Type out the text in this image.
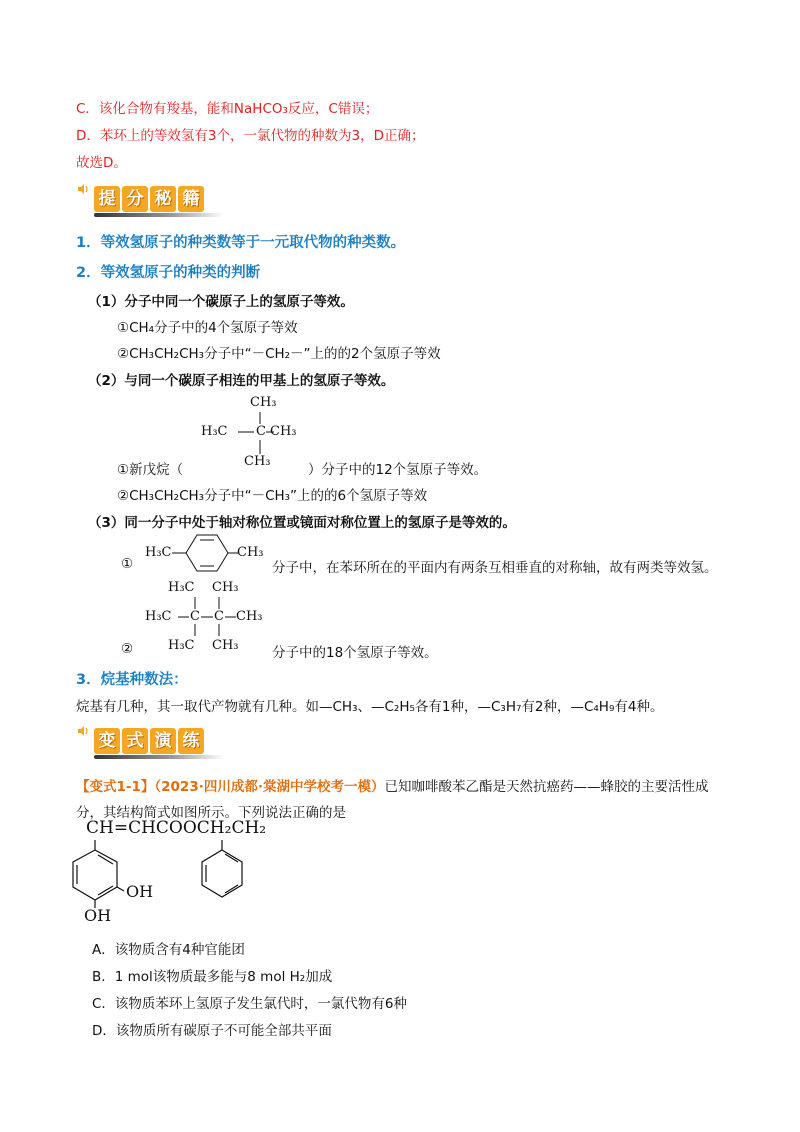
C．该化合物有羧基，能和NaHCO₃反应，C错误；
D．苯环上的等效氢有3个，一氯代物的种数为3，D正确；
故选D。
提 分 秘 籍
1．等效氢原子的种类数等于一元取代物的种类数。
2．等效氢原子的种类的判断
（1）分子中同一个碳原子上的氢原子等效。
①CH₄分子中的4个氢原子等效
②CH₃CH₂CH₃分子中“－CH₂－”上的的2个氢原子等效
（2）与同一个碳原子相连的甲基上的氢原子等效。
CH₃
H₃C C CH₃
CH₃
①新戊烷（	）分子中的12个氢原子等效。
②CH₃CH₂CH₃分子中“－CH₃”上的的6个氢原子等效
（3）同一分子中处于轴对称位置或镜面对称位置上的氢原子是等效的。
①
H₃C	CH₃
分子中，在苯环所在的平面内有两条互相垂直的对称轴，故有两类等效氢。
H₃C CH₃
H₃C C C CH₃
H₃C CH₃
②	分子中的18个氢原子等效。
3．烷基种数法：
烷基有几种，其一取代产物就有几种。如—CH₃、—C₂H₅各有1种，—C₃H₇有2种，—C₄H₉有4种。
变 式 演 练
【变式1-1】（2023·四川成都·棠湖中学校考一模）已知咖啡酸苯乙酯是天然抗癌药——蜂胶的主要活性成
分，其结构简式如图所示。下列说法正确的是
CH=CHCOOCH₂CH₂
OH
OH
A．该物质含有4种官能团
B．1 mol该物质最多能与8 mol H₂加成
C．该物质苯环上氢原子发生氯代时，一氯代物有6种
D．该物质所有碳原子不可能全部共平面
